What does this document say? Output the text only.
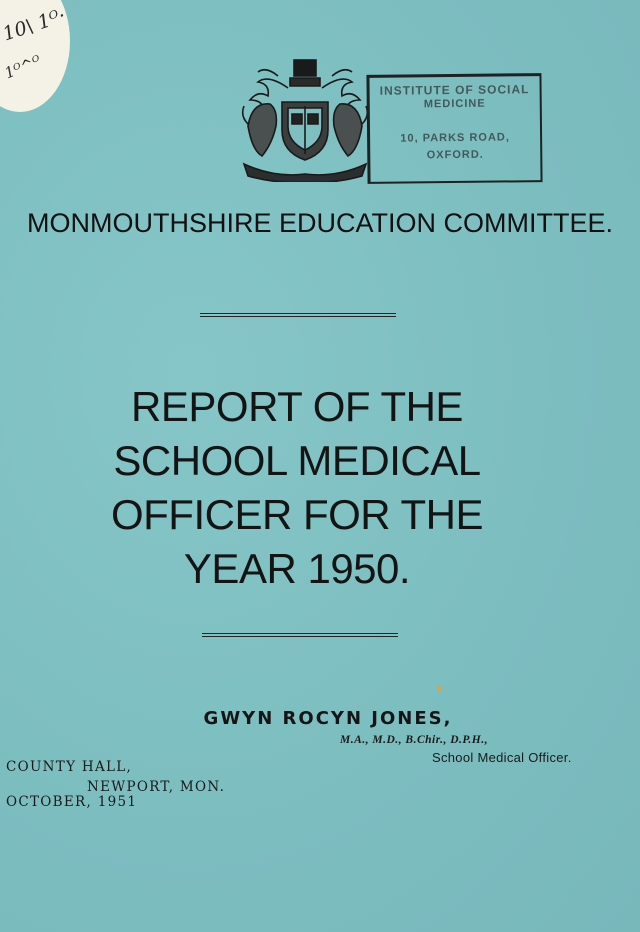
10\ 1ᴼ·
1ᴼ^ᴼ
INSTITUTE OF SOCIAL
MEDICINE
10, PARKS ROAD,
OXFORD.
MONMOUTHSHIRE EDUCATION COMMITTEE.
REPORT OF THE
SCHOOL MEDICAL
OFFICER FOR THE
YEAR 1950.
GWYN ROCYN JONES,
M.A., M.D., B.Chir., D.P.H.,
School Medical Officer.
COUNTY HALL,
NEWPORT, MON.
OCTOBER, 1951
